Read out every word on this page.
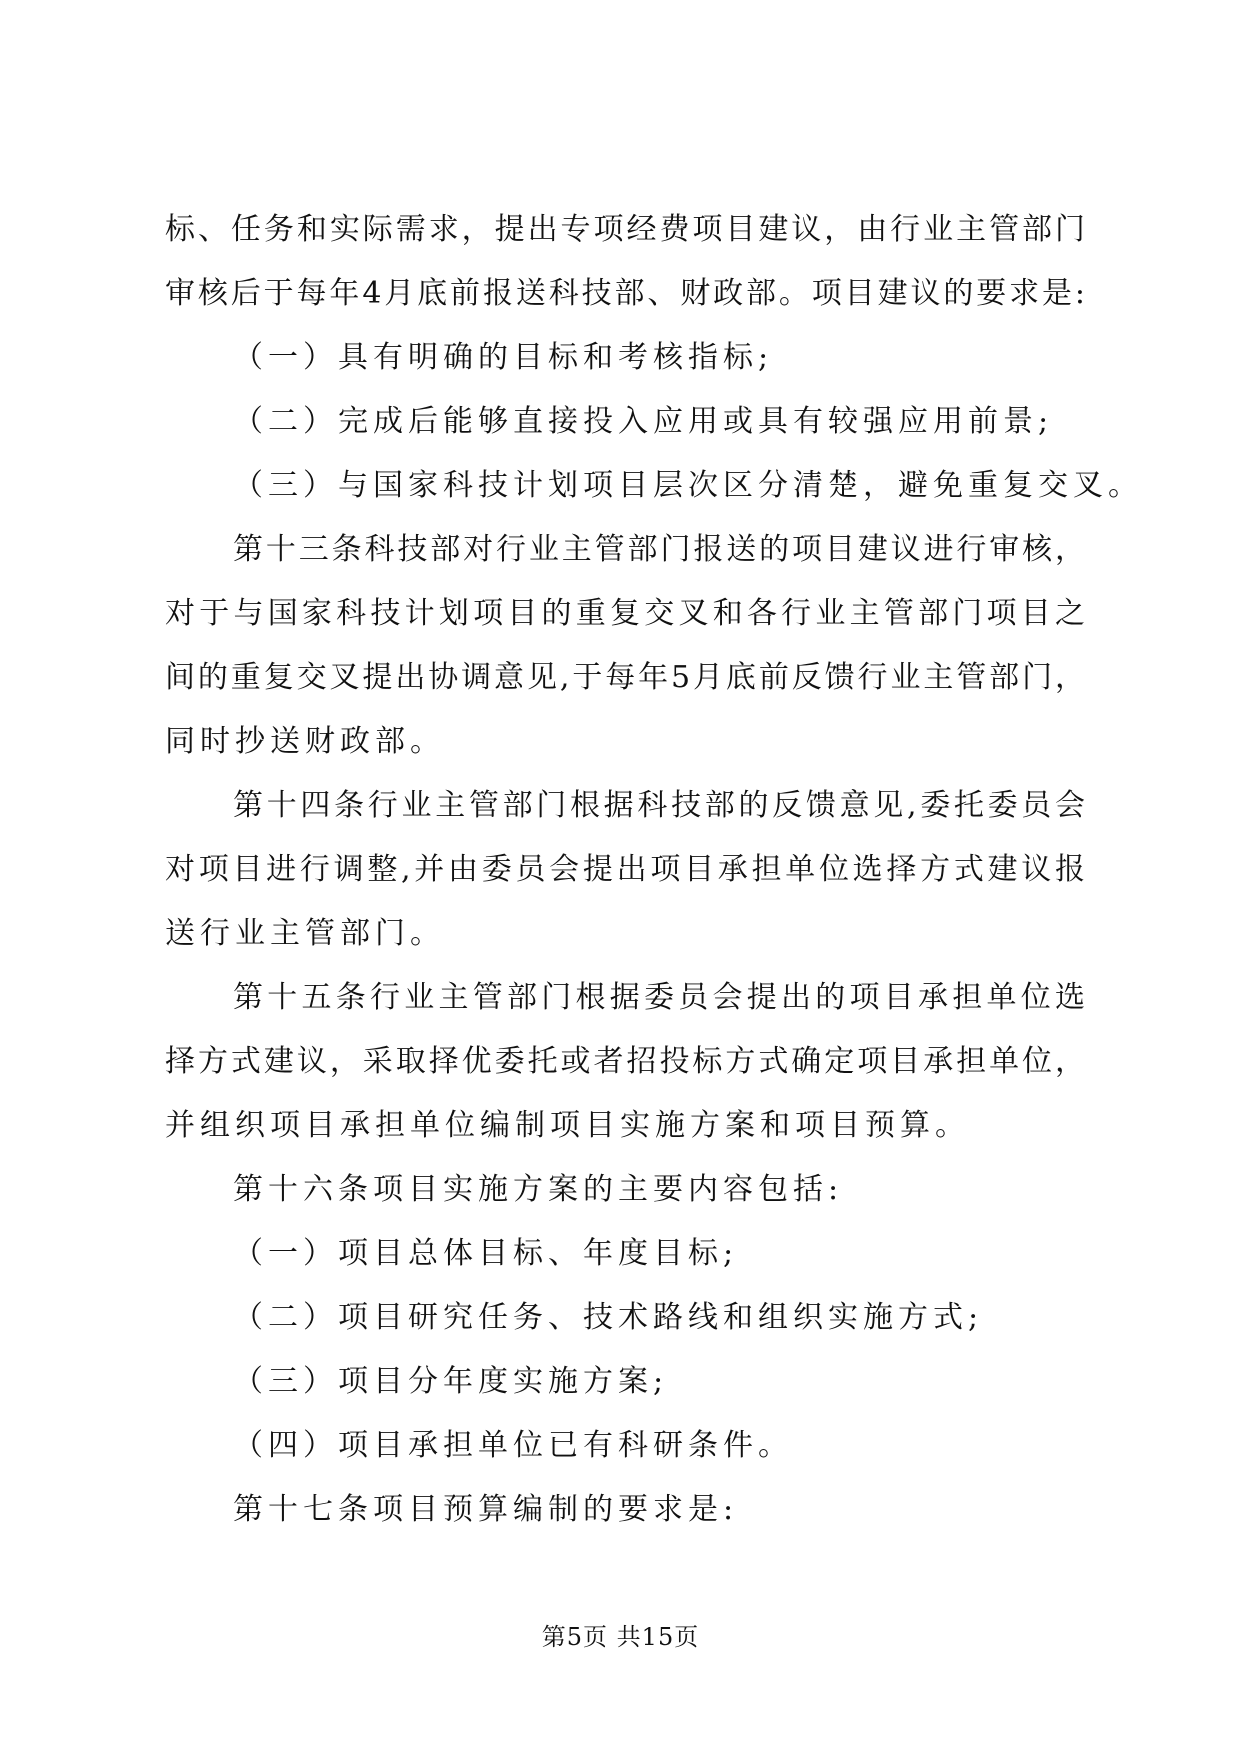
标、任务和实际需求，提出专项经费项目建议，由行业主管部门
审核后于每年4月底前报送科技部、财政部。项目建议的要求是:
（一）具有明确的目标和考核指标;
（二）完成后能够直接投入应用或具有较强应用前景;
（三）与国家科技计划项目层次区分清楚，避免重复交叉。
第十三条科技部对行业主管部门报送的项目建议进行审核，
对于与国家科技计划项目的重复交叉和各行业主管部门项目之
间的重复交叉提出协调意见,于每年5月底前反馈行业主管部门，
同时抄送财政部。
第十四条行业主管部门根据科技部的反馈意见,委托委员会
对项目进行调整,并由委员会提出项目承担单位选择方式建议报
送行业主管部门。
第十五条行业主管部门根据委员会提出的项目承担单位选
择方式建议，采取择优委托或者招投标方式确定项目承担单位，
并组织项目承担单位编制项目实施方案和项目预算。
第十六条项目实施方案的主要内容包括:
（一）项目总体目标、年度目标;
（二）项目研究任务、技术路线和组织实施方式;
（三）项目分年度实施方案;
（四）项目承担单位已有科研条件。
第十七条项目预算编制的要求是:
第5页 共15页
